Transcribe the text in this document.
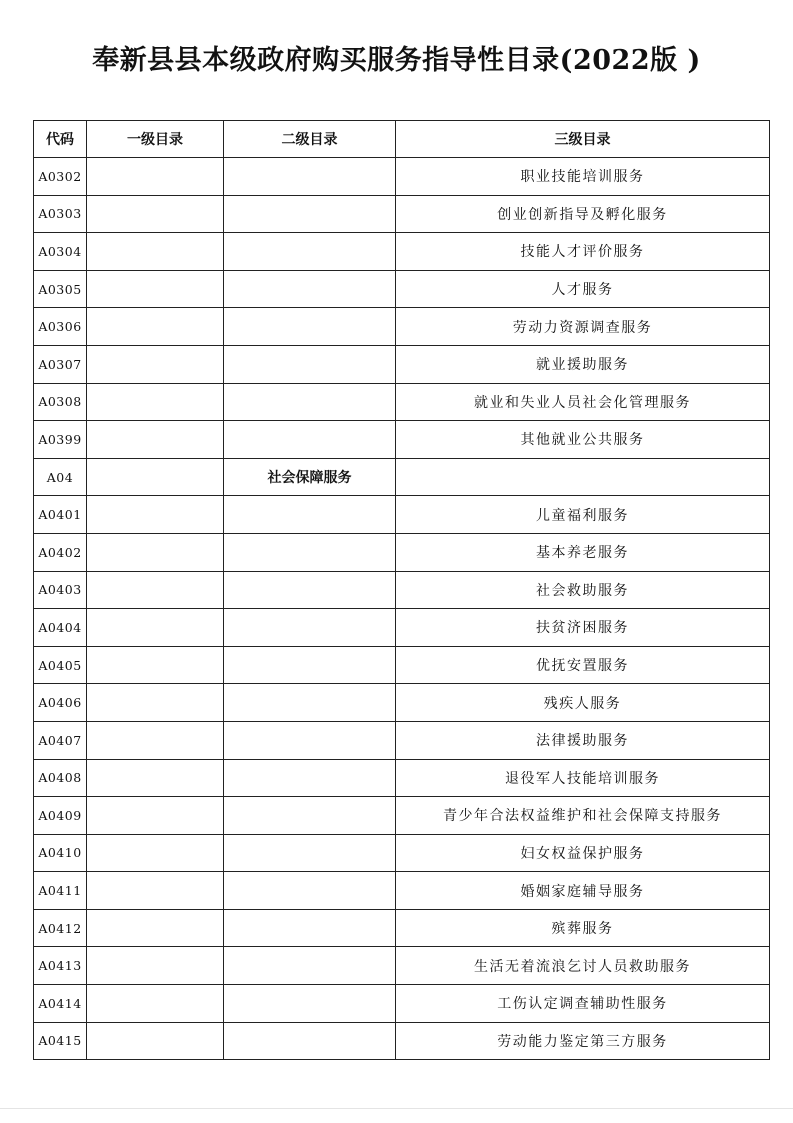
奉新县县本级政府购买服务指导性目录(2022版 )
代码	一级目录	二级目录	三级目录
A0302			职业技能培训服务
A0303			创业创新指导及孵化服务
A0304			技能人才评价服务
A0305			人才服务
A0306			劳动力资源调查服务
A0307			就业援助服务
A0308			就业和失业人员社会化管理服务
A0399			其他就业公共服务
A04		社会保障服务	
A0401			儿童福利服务
A0402			基本养老服务
A0403			社会救助服务
A0404			扶贫济困服务
A0405			优抚安置服务
A0406			残疾人服务
A0407			法律援助服务
A0408			退役军人技能培训服务
A0409			青少年合法权益维护和社会保障支持服务
A0410			妇女权益保护服务
A0411			婚姻家庭辅导服务
A0412			殡葬服务
A0413			生活无着流浪乞讨人员救助服务
A0414			工伤认定调查辅助性服务
A0415			劳动能力鉴定第三方服务
